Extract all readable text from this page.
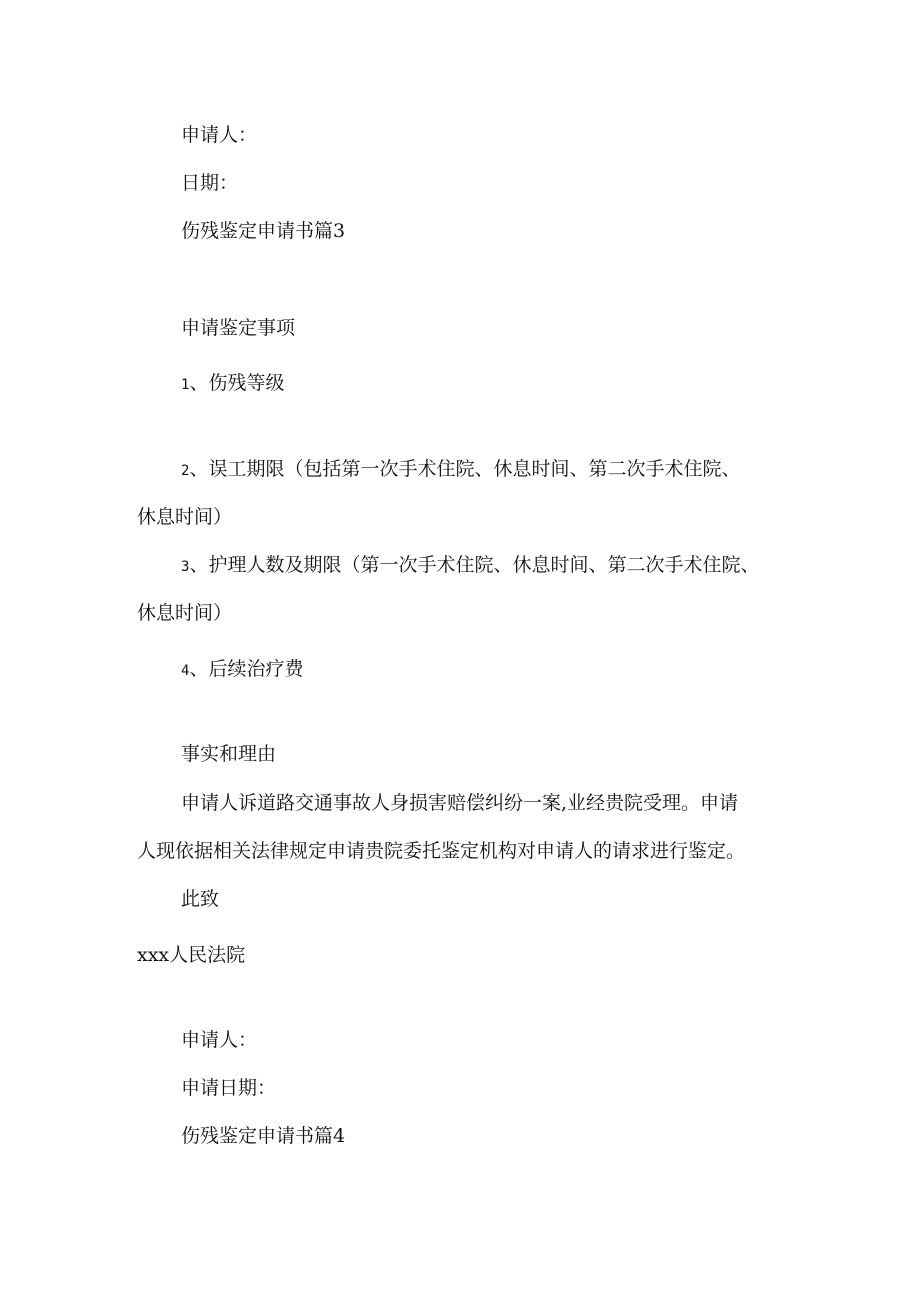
申请人：
日期：
伤残鉴定申请书篇3
申请鉴定事项
1、伤残等级
2、误工期限（包括第一次手术住院、休息时间、第二次手术住院、
休息时间）
3、护理人数及期限（第一次手术住院、休息时间、第二次手术住院、
休息时间）
4、后续治疗费
事实和理由
申请人诉道路交通事故人身损害赔偿纠纷一案,业经贵院受理。申请
人现依据相关法律规定申请贵院委托鉴定机构对申请人的请求进行鉴定。
此致
xxx人民法院
申请人：
申请日期：
伤残鉴定申请书篇4
